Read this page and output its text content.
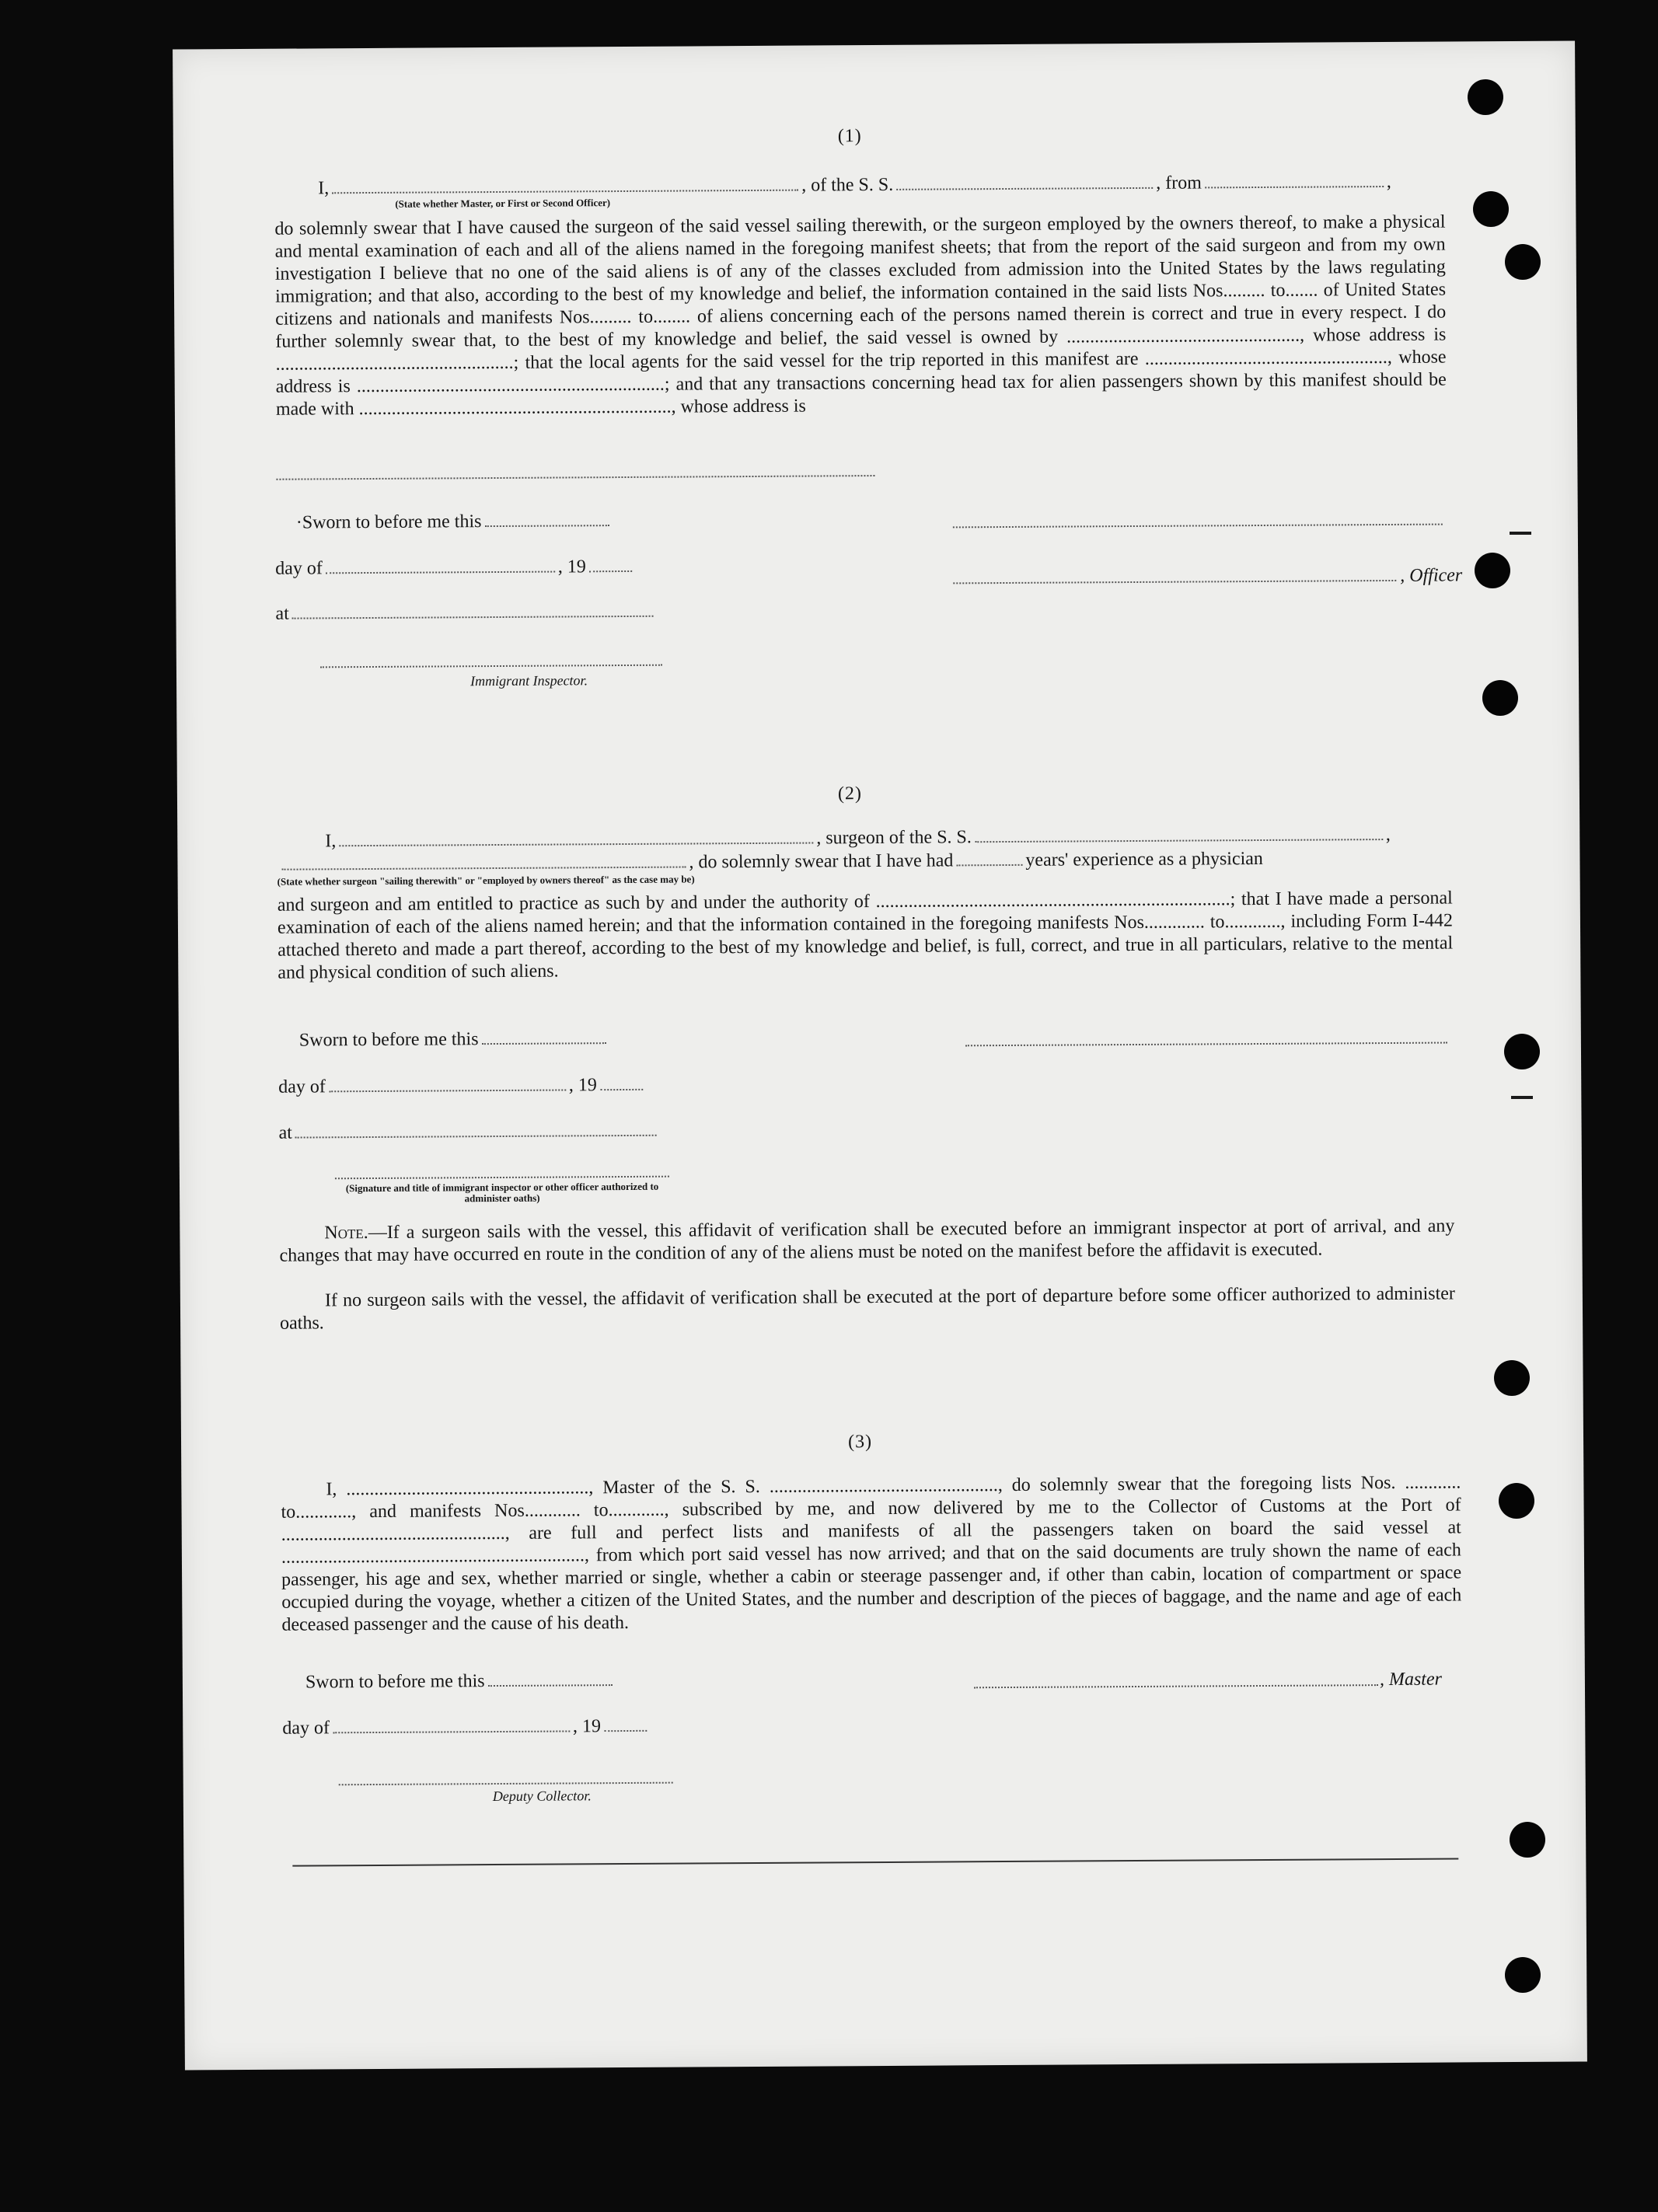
(1)
I,	, of the S. S.	, from	,
(State whether Master, or First or Second Officer)
do solemnly swear that I have caused the surgeon of the said vessel sailing therewith, or the surgeon employed by the owners thereof, to make a physical and mental examination of each and all of the aliens named in the foregoing manifest sheets; that from the report of the said surgeon and from my own investigation I believe that no one of the said aliens is of any of the classes excluded from admission into the United States by the laws regulating immigration; and that also, according to the best of my knowledge and belief, the information contained in the said lists Nos......... to....... of United States citizens and nationals and manifests Nos......... to........ of aliens concerning each of the persons named therein is correct and true in every respect. I do further solemnly swear that, to the best of my knowledge and belief, the said vessel is owned by .................................................., whose address is ...................................................; that the local agents for the said vessel for the trip reported in this manifest are ...................................................., whose address is ..................................................................; and that any transactions concerning head tax for alien passengers shown by this manifest should be made with ..................................................................., whose address is
·Sworn to before me this
day of	, 19	, Officer
at
Immigrant Inspector.
(2)
I,	, surgeon of the S. S.	,
, do solemnly swear that I have had	years' experience as a physician
(State whether surgeon "sailing therewith" or "employed by owners thereof" as the case may be)
and surgeon and am entitled to practice as such by and under the authority of ............................................................................; that I have made a personal examination of each of the aliens named herein; and that the information contained in the foregoing manifests Nos............. to............, including Form I-442 attached thereto and made a part thereof, according to the best of my knowledge and belief, is full, correct, and true in all particulars, relative to the mental and physical condition of such aliens.
Sworn to before me this
day of	, 19
at
(Signature and title of immigrant inspector or other officer authorized to administer oaths)
Note.—If a surgeon sails with the vessel, this affidavit of verification shall be executed before an immigrant inspector at port of arrival, and any changes that may have occurred en route in the condition of any of the aliens must be noted on the manifest before the affidavit is executed.
If no surgeon sails with the vessel, the affidavit of verification shall be executed at the port of departure before some officer authorized to administer oaths.
(3)
I, ...................................................., Master of the S. S. ................................................., do solemnly swear that the foregoing lists Nos. ............ to............, and manifests Nos............ to............, subscribed by me, and now delivered by me to the Collector of Customs at the Port of ................................................, are full and perfect lists and manifests of all the passengers taken on board the said vessel at ................................................................., from which port said vessel has now arrived; and that on the said documents are truly shown the name of each passenger, his age and sex, whether married or single, whether a cabin or steerage passenger and, if other than cabin, location of compartment or space occupied during the voyage, whether a citizen of the United States, and the number and description of the pieces of baggage, and the name and age of each deceased passenger and the cause of his death.
Sworn to before me this	, Master
day of	, 19
Deputy Collector.
